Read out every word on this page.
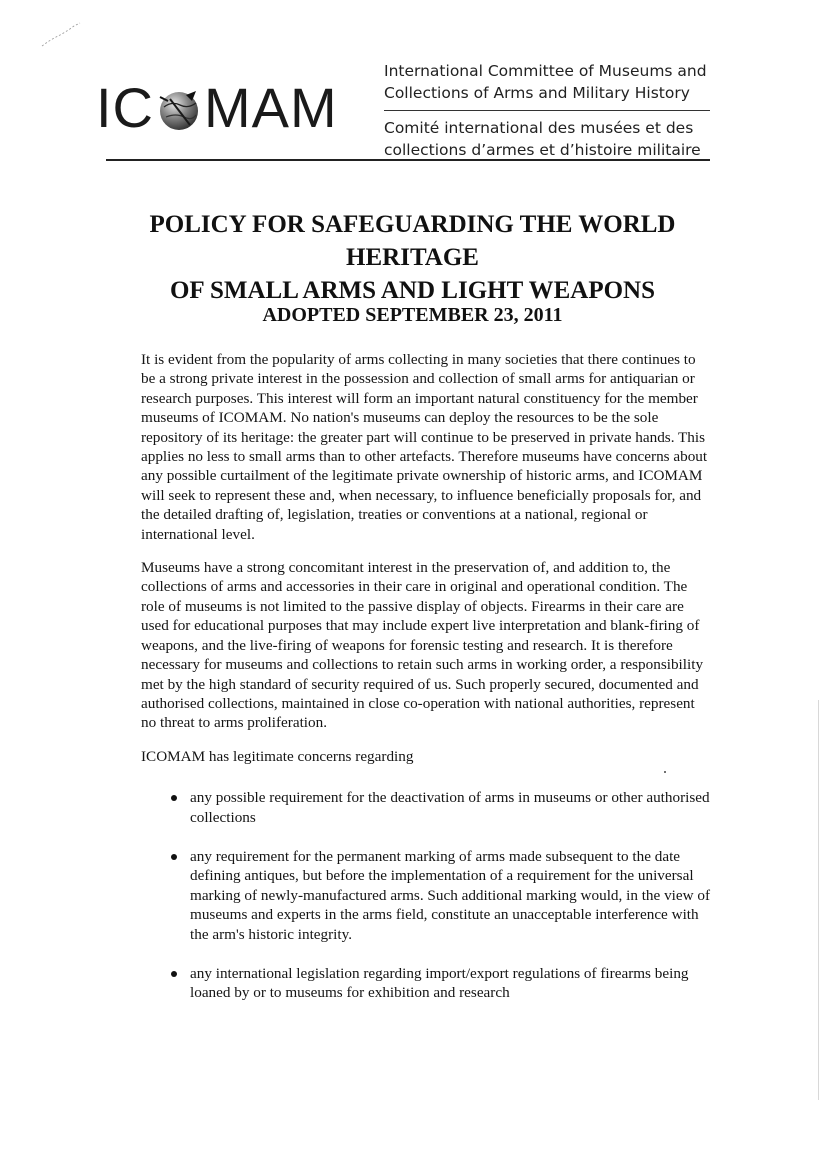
IC MAM
International Committee of Museums and
Collections of Arms and Military History
Comité international des musées et des
collections d’armes et d’histoire militaire
POLICY FOR SAFEGUARDING THE WORLD HERITAGE
OF SMALL ARMS AND LIGHT WEAPONS
ADOPTED SEPTEMBER 23, 2011

It is evident from the popularity of arms collecting in many societies that there continues to be a strong private interest in the possession and collection of small arms for antiquarian or research purposes. This interest will form an important natural constituency for the member museums of ICOMAM. No nation's museums can deploy the resources to be the sole repository of its heritage: the greater part will continue to be preserved in private hands. This applies no less to small arms than to other artefacts. Therefore museums have concerns about any possible curtailment of the legitimate private ownership of historic arms, and ICOMAM will seek to represent these and, when necessary, to influence beneficially proposals for, and the detailed drafting of, legislation, treaties or conventions at a national, regional or international level.

Museums have a strong concomitant interest in the preservation of, and addition to, the collections of arms and accessories in their care in original and operational condition. The role of museums is not limited to the passive display of objects. Firearms in their care are used for educational purposes that may include expert live interpretation and blank-firing of weapons, and the live-firing of weapons for forensic testing and research. It is therefore necessary for museums and collections to retain such arms in working order, a responsibility met by the high standard of security required of us. Such properly secured, documented and authorised collections, maintained in close co-operation with national authorities, represent no threat to arms proliferation.

ICOMAM has legitimate concerns regarding

any possible requirement for the deactivation of arms in museums or other authorised collections
any requirement for the permanent marking of arms made subsequent to the date defining antiques, but before the implementation of a requirement for the universal marking of newly-manufactured arms. Such additional marking would, in the view of museums and experts in the arms field, constitute an unacceptable interference with the arm's historic integrity.
any international legislation regarding import/export regulations of firearms being loaned by or to museums for exhibition and research
